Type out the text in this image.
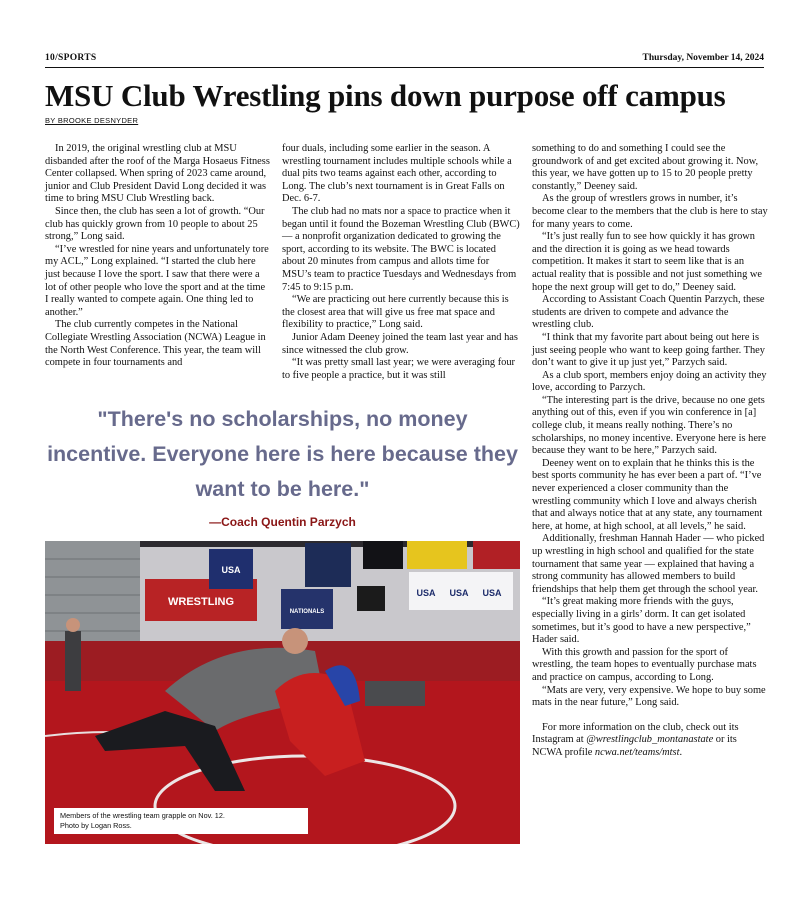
10/SPORTS	Thursday, November 14, 2024
MSU Club Wrestling pins down purpose off campus
BY BROOKE DESNYDER

In 2019, the original wrestling club at MSU disbanded after the roof of the Marga Hosaeus Fitness Center collapsed. When spring of 2023 came around, junior and Club President David Long decided it was time to bring MSU Club Wrestling back.

Since then, the club has seen a lot of growth. “Our club has quickly grown from 10 people to about 25 strong,” Long said.

“I’ve wrestled for nine years and unfortunately tore my ACL,” Long explained. “I started the club here just because I love the sport. I saw that there were a lot of other people who love the sport and at the time I really wanted to compete again. One thing led to another.”

The club currently competes in the National Collegiate Wrestling Association (NCWA) League in the North West Conference. This year, the team will compete in four tournaments and

four duals, including some earlier in the season. A wrestling tournament includes multiple schools while a dual pits two teams against each other, according to Long. The club’s next tournament is in Great Falls on Dec. 6-7.

The club had no mats nor a space to practice when it began until it found the Bozeman Wrestling Club (BWC) — a nonprofit organization dedicated to growing the sport, according to its website. The BWC is located about 20 minutes from campus and allots time for MSU’s team to practice Tuesdays and Wednesdays from 7:45 to 9:15 p.m.

“We are practicing out here currently because this is the closest area that will give us free mat space and flexibility to practice,” Long said.

Junior Adam Deeney joined the team last year and has since witnessed the club grow.

“It was pretty small last year; we were averaging four to five people a practice, but it was still

something to do and something I could see the groundwork of and get excited about growing it. Now, this year, we have gotten up to 15 to 20 people pretty constantly,” Deeney said.

As the group of wrestlers grows in number, it’s become clear to the members that the club is here to stay for many years to come.

“It’s just really fun to see how quickly it has grown and the direction it is going as we head towards competition. It makes it start to seem like that is an actual reality that is possible and not just something we hope the next group will get to do,” Deeney said.

According to Assistant Coach Quentin Parzych, these students are driven to compete and advance the wrestling club.

“I think that my favorite part about being out here is just seeing people who want to keep going farther. They don’t want to give it up just yet,” Parzych said.

As a club sport, members enjoy doing an activity they love, according to Parzych.

“The interesting part is the drive, because no one gets anything out of this, even if you win conference in [a] college club, it means really nothing. There’s no scholarships, no money incentive. Everyone here is here because they want to be here,” Parzych said.

Deeney went on to explain that he thinks this is the best sports community he has ever been a part of. “I’ve never experienced a closer community than the wrestling community which I love and always cherish that and always notice that at any state, any tournament here, at home, at high school, at all levels,” he said.

Additionally, freshman Hannah Hader — who picked up wrestling in high school and qualified for the state tournament that same year — explained that having a strong community has allowed members to build friendships that help them get through the school year.

“It’s great making more friends with the guys, especially living in a girls’ dorm. It can get isolated sometimes, but it’s good to have a new perspective,” Hader said.

With this growth and passion for the sport of wrestling, the team hopes to eventually purchase mats and practice on campus, according to Long.

“Mats are very, very expensive. We hope to buy some mats in the near future,” Long said.

For more information on the club, check out its Instagram at @wrestlingclub_montanastate or its NCWA profile ncwa.net/teams/mtst.

"There's no scholarships, no money incentive. Everyone here is here because they want to be here."
—Coach Quentin Parzych
WRESTLING
USA
NATIONALS
USA USA USA
Members of the wrestling team grapple on Nov. 12.
Photo by Logan Ross.
